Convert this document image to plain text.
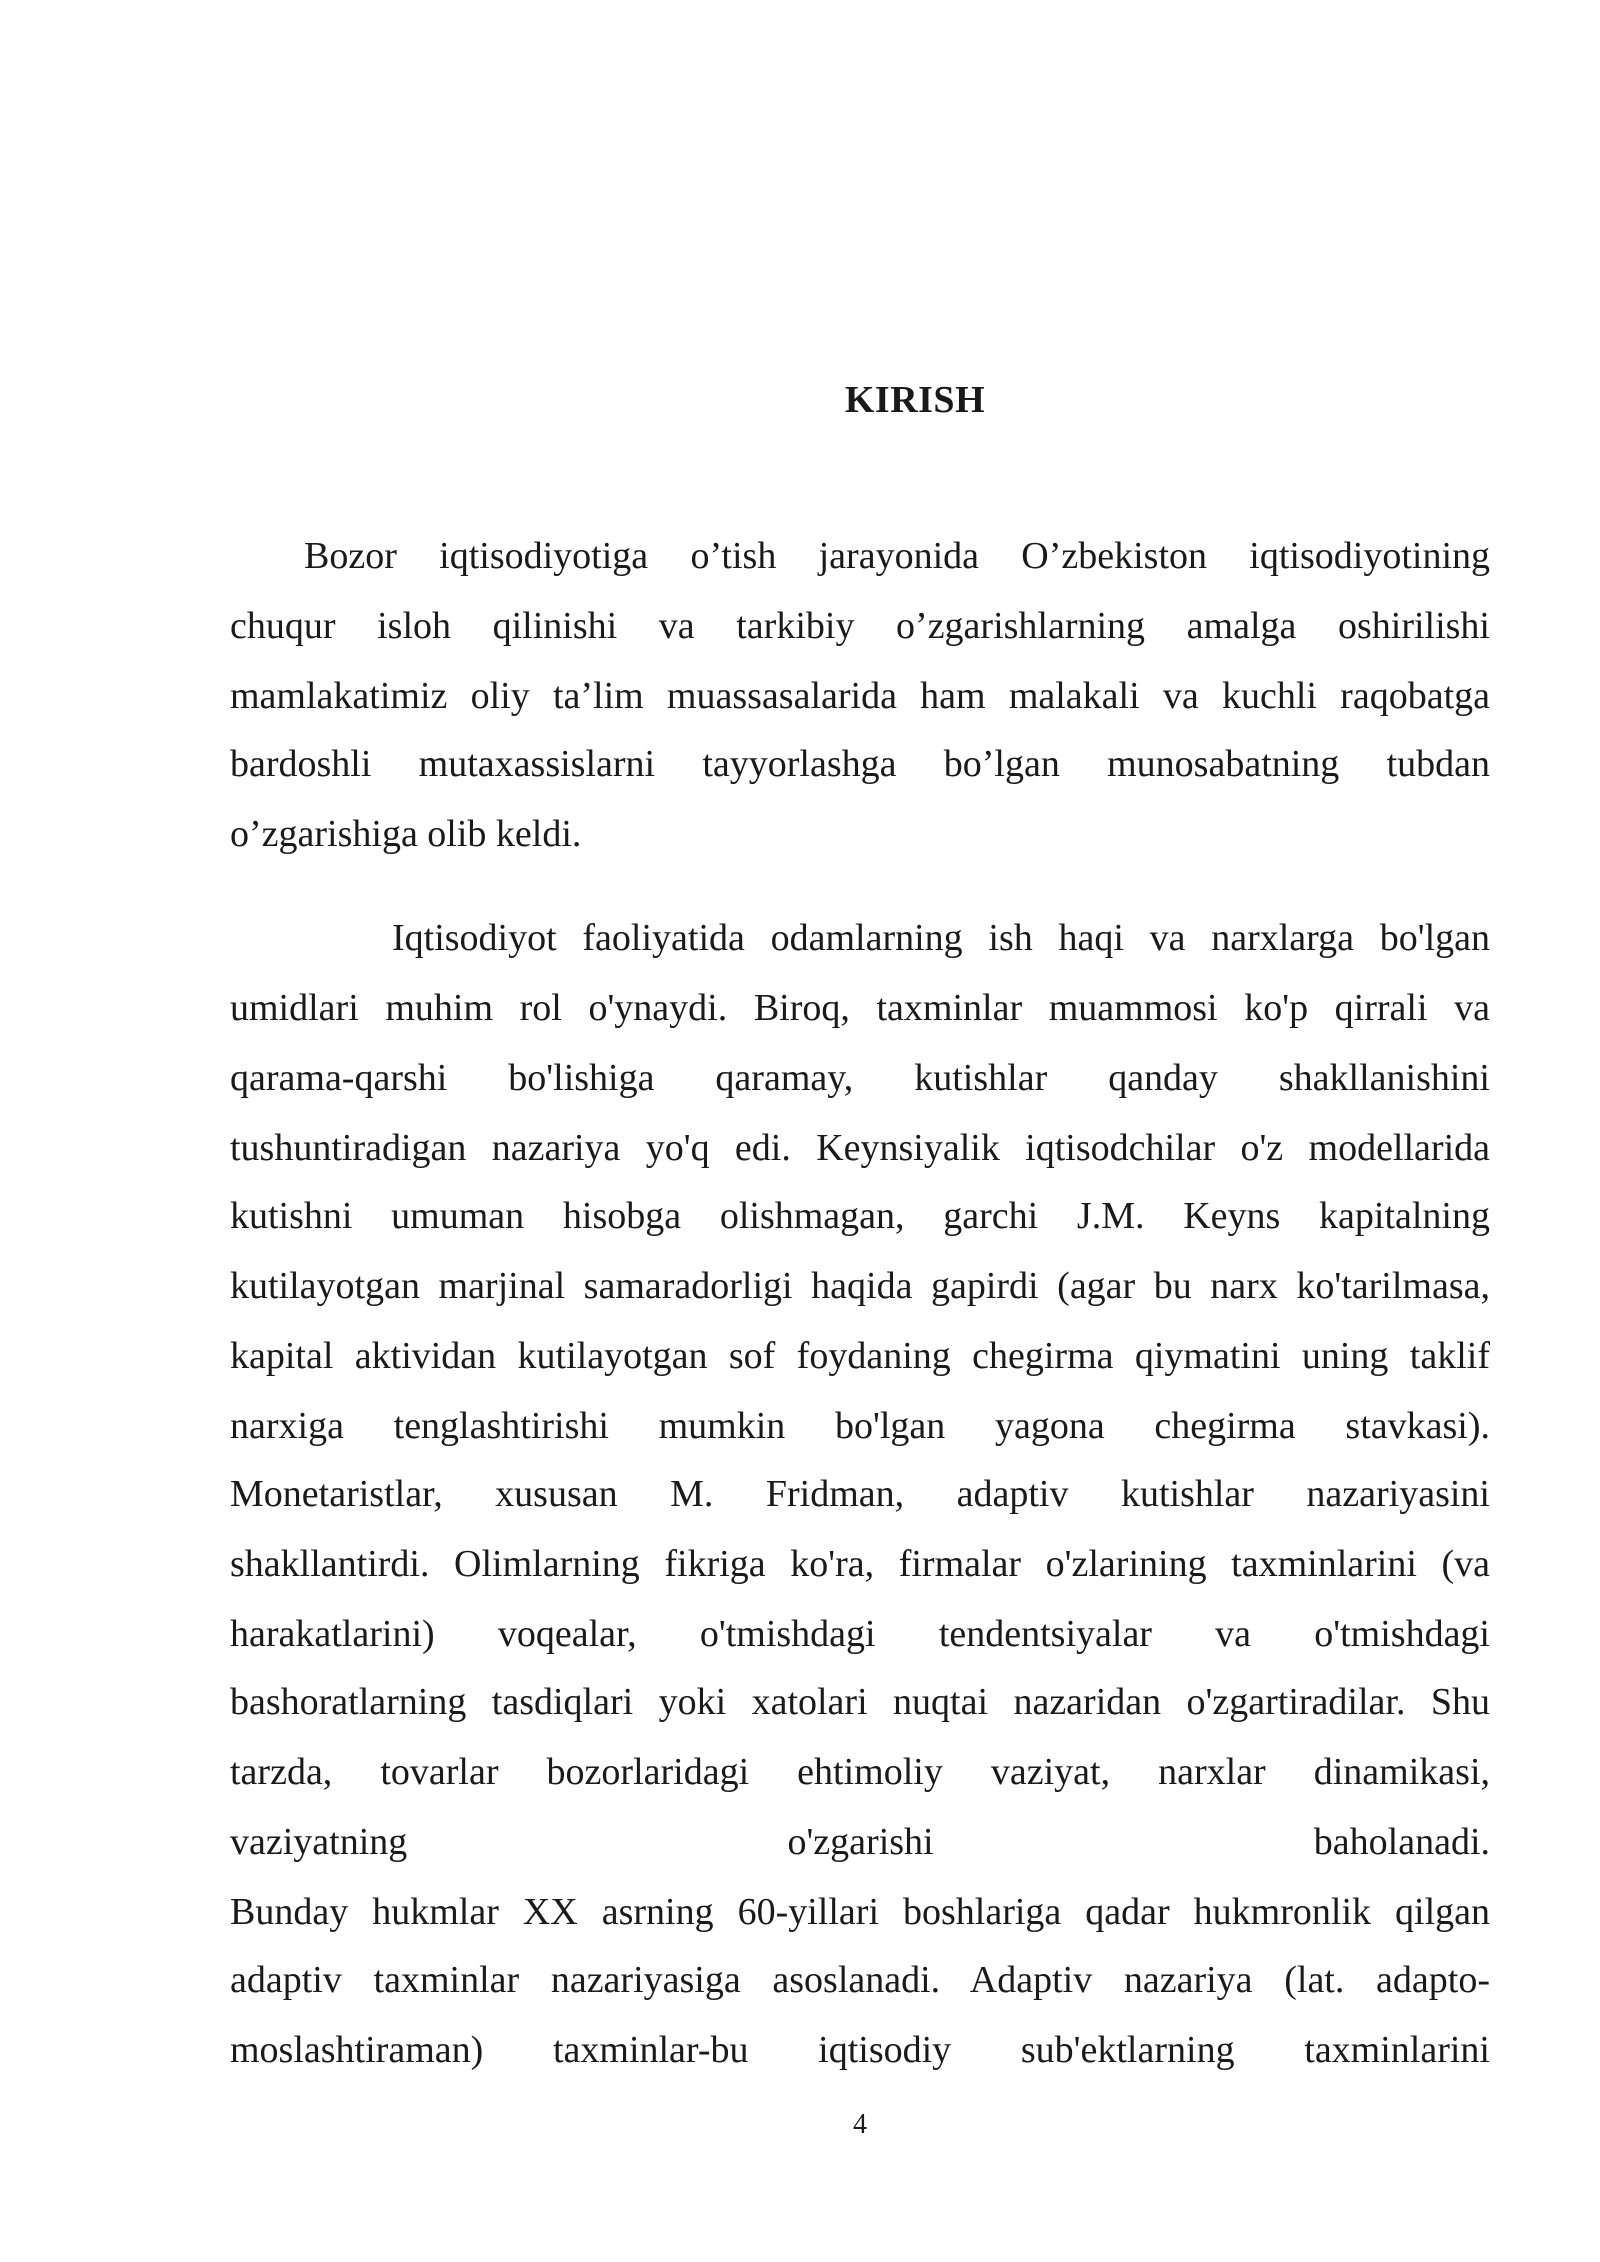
KIRISH
Bozor iqtisodiyotiga o’tish jarayonida O’zbekiston iqtisodiyotining
chuqur isloh qilinishi va tarkibiy o’zgarishlarning amalga oshirilishi
mamlakatimiz oliy ta’lim muassasalarida ham malakali va kuchli raqobatga
bardoshli mutaxassislarni tayyorlashga bo’lgan munosabatning tubdan
o’zgarishiga olib keldi.
Iqtisodiyot faoliyatida odamlarning ish haqi va narxlarga bo'lgan
umidlari muhim rol o'ynaydi. Biroq, taxminlar muammosi ko'p qirrali va
qarama-qarshi bo'lishiga qaramay, kutishlar qanday shakllanishini
tushuntiradigan nazariya yo'q edi. Keynsiyalik iqtisodchilar o'z modellarida
kutishni umuman hisobga olishmagan, garchi J.M. Keyns kapitalning
kutilayotgan marjinal samaradorligi haqida gapirdi (agar bu narx ko'tarilmasa,
kapital aktividan kutilayotgan sof foydaning chegirma qiymatini uning taklif
narxiga tenglashtirishi mumkin bo'lgan yagona chegirma stavkasi).
Monetaristlar, xususan M. Fridman, adaptiv kutishlar nazariyasini
shakllantirdi. Olimlarning fikriga ko'ra, firmalar o'zlarining taxminlarini (va
harakatlarini) voqealar, o'tmishdagi tendentsiyalar va o'tmishdagi
bashoratlarning tasdiqlari yoki xatolari nuqtai nazaridan o'zgartiradilar. Shu
tarzda, tovarlar bozorlaridagi ehtimoliy vaziyat, narxlar dinamikasi,
vaziyatning o'zgarishi baholanadi.
Bunday hukmlar XX asrning 60-yillari boshlariga qadar hukmronlik qilgan
adaptiv taxminlar nazariyasiga asoslanadi. Adaptiv nazariya (lat. adapto-
moslashtiraman) taxminlar-bu iqtisodiy sub'ektlarning taxminlarini
4
